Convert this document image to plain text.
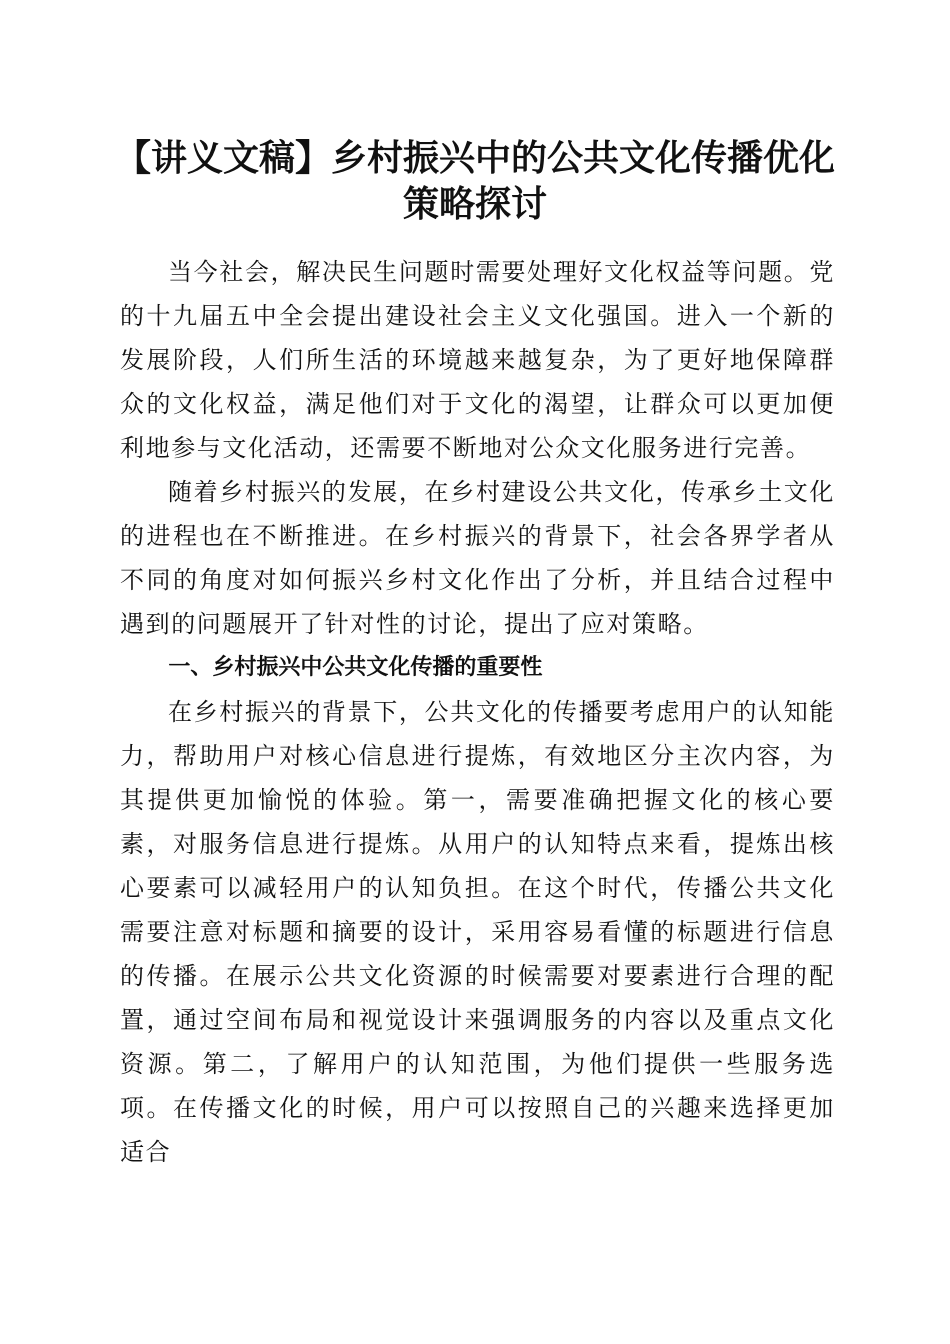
【讲义文稿】乡村振兴中的公共文化传播优化
策略探讨

当今社会，解决民生问题时需要处理好文化权益等问题。党的十九届五中全会提出建设社会主义文化强国。进入一个新的发展阶段，人们所生活的环境越来越复杂，为了更好地保障群众的文化权益，满足他们对于文化的渴望，让群众可以更加便利地参与文化活动，还需要不断地对公众文化服务进行完善。

随着乡村振兴的发展，在乡村建设公共文化，传承乡土文化的进程也在不断推进。在乡村振兴的背景下，社会各界学者从不同的角度对如何振兴乡村文化作出了分析，并且结合过程中遇到的问题展开了针对性的讨论，提出了应对策略。

一、乡村振兴中公共文化传播的重要性

在乡村振兴的背景下，公共文化的传播要考虑用户的认知能力，帮助用户对核心信息进行提炼，有效地区分主次内容，为其提供更加愉悦的体验。第一，需要准确把握文化的核心要素，对服务信息进行提炼。从用户的认知特点来看，提炼出核心要素可以减轻用户的认知负担。在这个时代，传播公共文化需要注意对标题和摘要的设计，采用容易看懂的标题进行信息的传播。在展示公共文化资源的时候需要对要素进行合理的配置，通过空间布局和视觉设计来强调服务的内容以及重点文化资源。第二，了解用户的认知范围，为他们提供一些服务选项。在传播文化的时候，用户可以按照自己的兴趣来选择更加适合
